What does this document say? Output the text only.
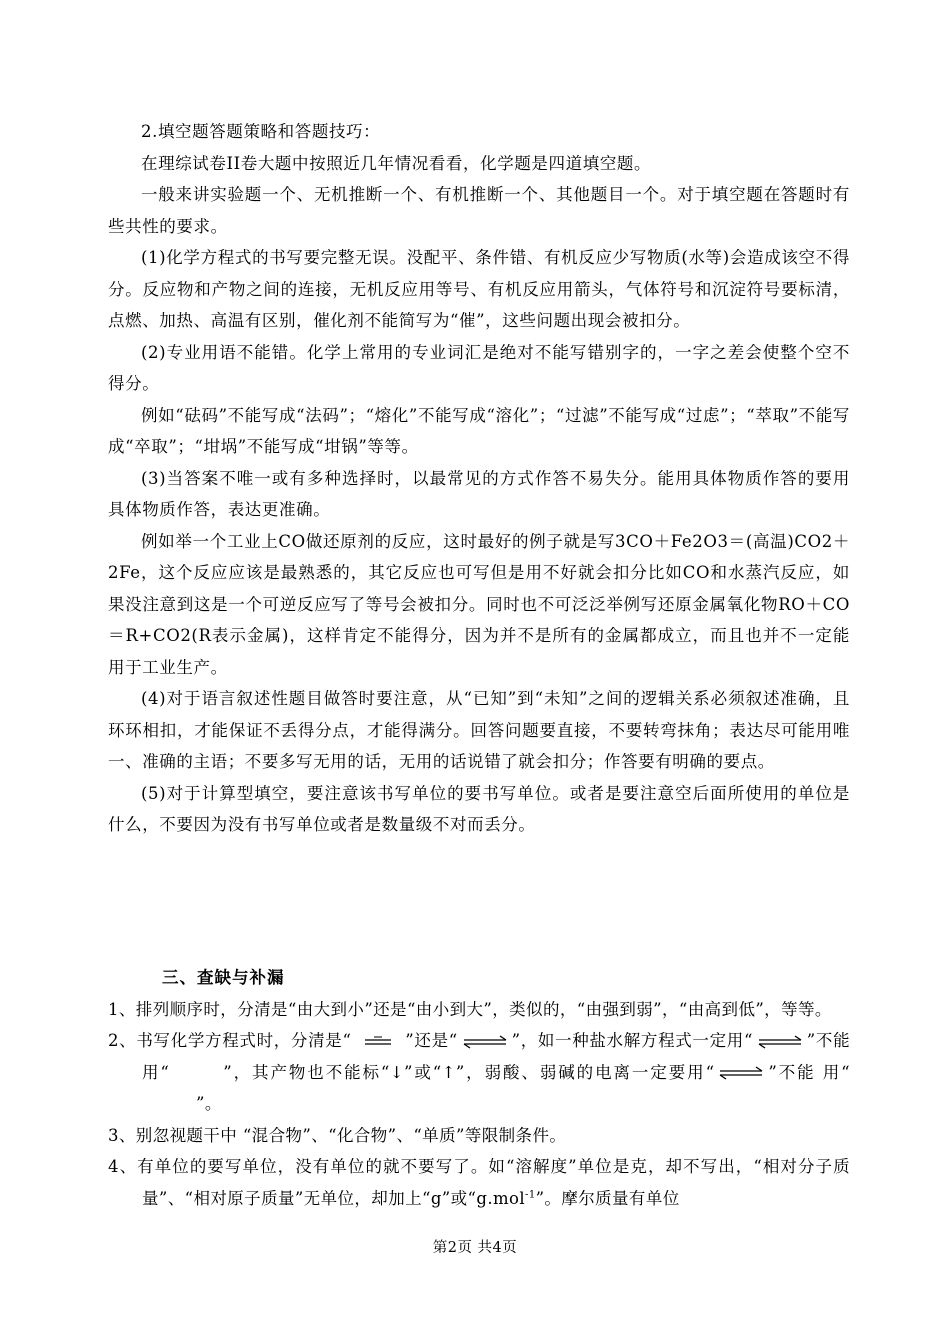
2.填空题答题策略和答题技巧：

在理综试卷II卷大题中按照近几年情况看看，化学题是四道填空题。

一般来讲实验题一个、无机推断一个、有机推断一个、其他题目一个。对于填空题在答题时有些共性的要求。

(1)化学方程式的书写要完整无误。没配平、条件错、有机反应少写物质(水等)会造成该空不得分。反应物和产物之间的连接，无机反应用等号、有机反应用箭头，气体符号和沉淀符号要标清，点燃、加热、高温有区别，催化剂不能简写为“催”，这些问题出现会被扣分。

(2)专业用语不能错。化学上常用的专业词汇是绝对不能写错别字的，一字之差会使整个空不得分。

例如“砝码”不能写成“法码”；“熔化”不能写成“溶化”；“过滤”不能写成“过虑”；“萃取”不能写成“卒取”；“坩埚”不能写成“坩锅”等等。

(3)当答案不唯一或有多种选择时，以最常见的方式作答不易失分。能用具体物质作答的要用具体物质作答，表达更准确。

例如举一个工业上CO做还原剂的反应，这时最好的例子就是写3CO＋Fe2O3＝(高温)CO2＋2Fe，这个反应应该是最熟悉的，其它反应也可写但是用不好就会扣分比如CO和水蒸汽反应，如果没注意到这是一个可逆反应写了等号会被扣分。同时也不可泛泛举例写还原金属氧化物RO＋CO＝R+CO2(R表示金属)，这样肯定不能得分，因为并不是所有的金属都成立，而且也并不一定能用于工业生产。

(4)对于语言叙述性题目做答时要注意，从“已知”到“未知”之间的逻辑关系必须叙述准确，且环环相扣，才能保证不丢得分点，才能得满分。回答问题要直接，不要转弯抹角；表达尽可能用唯一、准确的主语；不要多写无用的话，无用的话说错了就会扣分；作答要有明确的要点。

(5)对于计算型填空，要注意该书写单位的要书写单位。或者是要注意空后面所使用的单位是什么，不要因为没有书写单位或者是数量级不对而丢分。

三、查缺与补漏

1、排列顺序时，分清是“由大到小”还是“由小到大”，类似的，“由强到弱”，“由高到低”，等等。

2、书写化学方程式时，分清是“	”还是“ ⇌ ”，如一种盐水解方程式一定用“ ⇌ ”不能用“	”，其产物也不能标“↓”或“↑”，弱酸、弱碱的电离一定要用“ ⇌ ”不能 用“”。

3、别忽视题干中 “混合物”、“化合物”、“单质”等限制条件。

4、有单位的要写单位，没有单位的就不要写了。如“溶解度”单位是克，却不写出，“相对分子质量”、“相对原子质量”无单位，却加上“g”或“g.mol$^{-1}$”。摩尔质量有单位

第2页 共4页
